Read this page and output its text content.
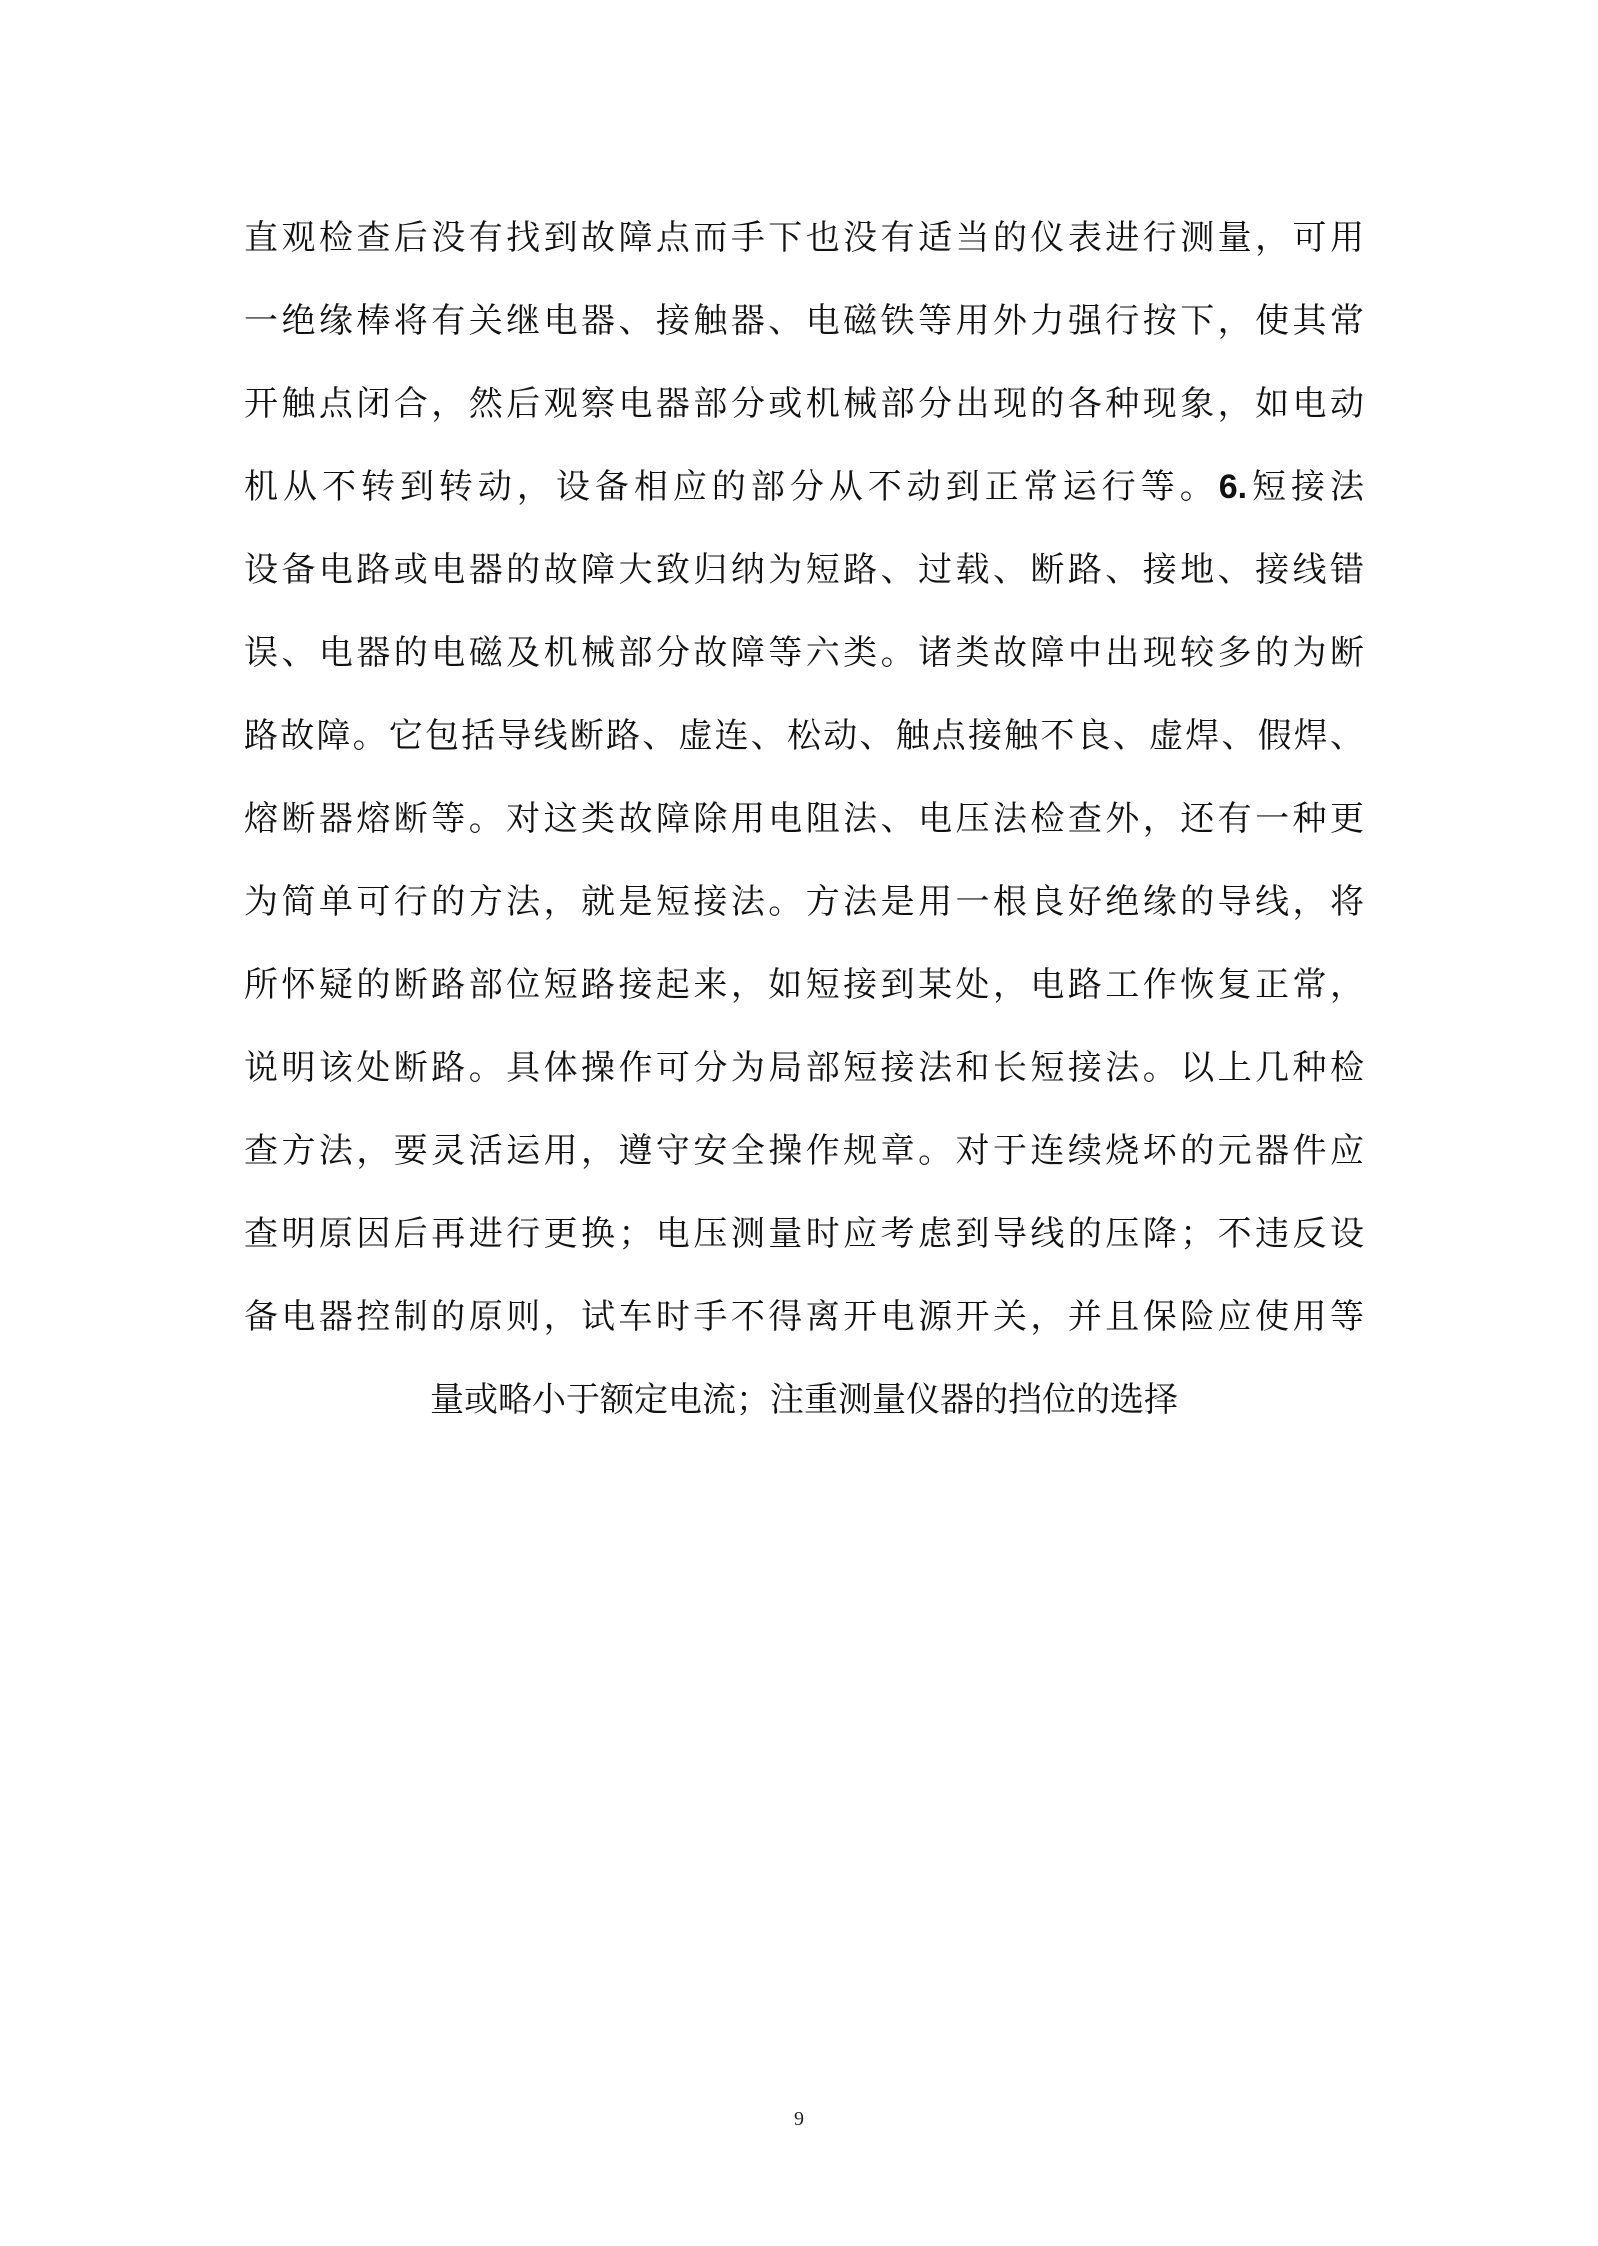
直观检查后没有找到故障点而手下也没有适当的仪表进行测量，可用
一绝缘棒将有关继电器、接触器、电磁铁等用外力强行按下，使其常
开触点闭合，然后观察电器部分或机械部分出现的各种现象，如电动
机从不转到转动，设备相应的部分从不动到正常运行等。6.短接法
设备电路或电器的故障大致归纳为短路、过载、断路、接地、接线错
误、电器的电磁及机械部分故障等六类。诸类故障中出现较多的为断
路故障。它包括导线断路、虚连、松动、触点接触不良、虚焊、假焊、
熔断器熔断等。对这类故障除用电阻法、电压法检查外，还有一种更
为简单可行的方法，就是短接法。方法是用一根良好绝缘的导线，将
所怀疑的断路部位短路接起来，如短接到某处，电路工作恢复正常，
说明该处断路。具体操作可分为局部短接法和长短接法。以上几种检
查方法，要灵活运用，遵守安全操作规章。对于连续烧坏的元器件应
查明原因后再进行更换；电压测量时应考虑到导线的压降；不违反设
备电器控制的原则，试车时手不得离开电源开关，并且保险应使用等
量或略小于额定电流；注重测量仪器的挡位的选择
9
